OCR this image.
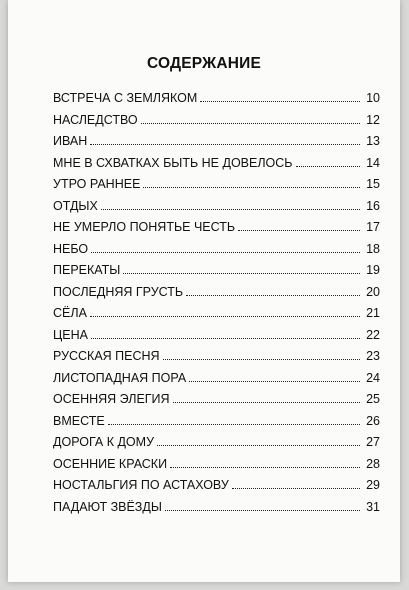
СОДЕРЖАНИЕ
ВСТРЕЧА С ЗЕМЛЯКОМ	10
НАСЛЕДСТВО	12
ИВАН	13
МНЕ В СХВАТКАХ БЫТЬ НЕ ДОВЕЛОСЬ	14
УТРО РАННЕЕ	15
ОТДЫХ	16
НЕ УМЕРЛО ПОНЯТЬЕ ЧЕСТЬ	17
НЕБО	18
ПЕРЕКАТЫ	19
ПОСЛЕДНЯЯ ГРУСТЬ	20
СЁЛА	21
ЦЕНА	22
РУССКАЯ ПЕСНЯ	23
ЛИСТОПАДНАЯ ПОРА	24
ОСЕННЯЯ ЭЛЕГИЯ	25
ВМЕСТЕ	26
ДОРОГА К ДОМУ	27
ОСЕННИЕ КРАСКИ	28
НОСТАЛЬГИЯ ПО АСТАХОВУ	29
ПАДАЮТ ЗВЁЗДЫ	31
